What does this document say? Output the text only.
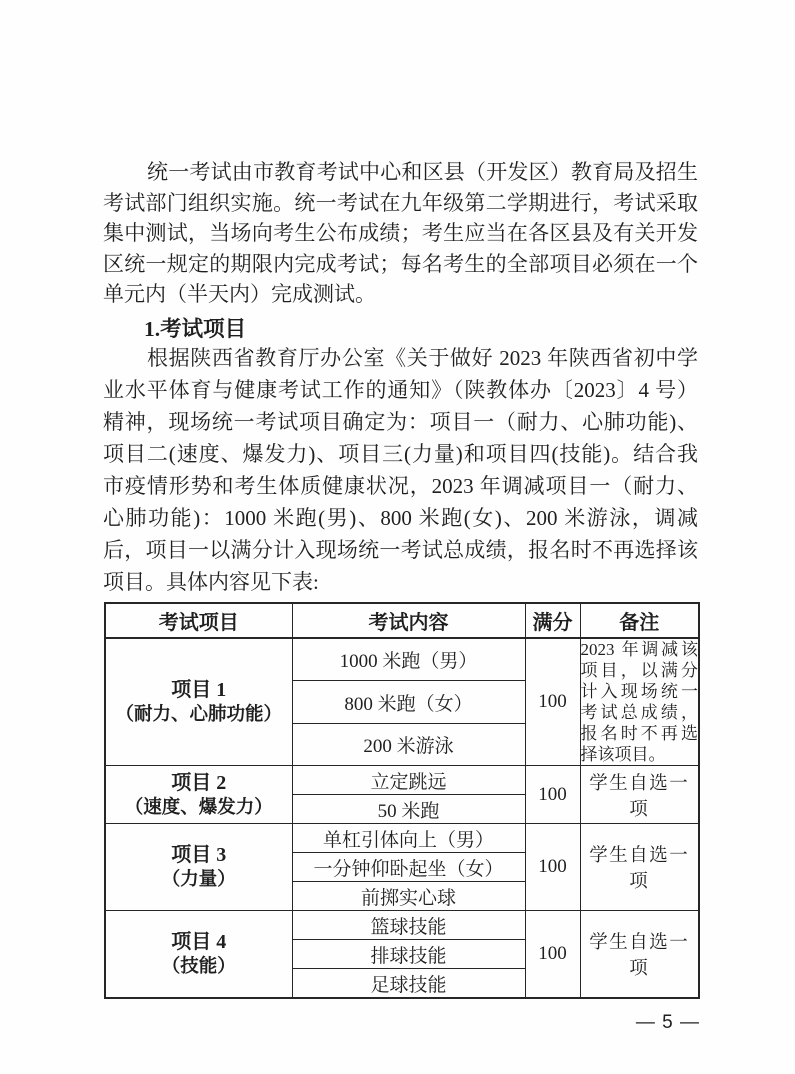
统一考试由市教育考试中心和区县（开发区）教育局及招生
考试部门组织实施。统一考试在九年级第二学期进行，考试采取
集中测试，当场向考生公布成绩；考生应当在各区县及有关开发
区统一规定的期限内完成考试；每名考生的全部项目必须在一个
单元内（半天内）完成测试。
1.考试项目
根据陕西省教育厅办公室《关于做好 2023 年陕西省初中学
业水平体育与健康考试工作的通知》（陕教体办〔2023〕4 号）
精神，现场统一考试项目确定为：项目一（耐力、心肺功能)、
项目二(速度、爆发力)、项目三(力量)和项目四(技能)。结合我
市疫情形势和考生体质健康状况，2023 年调减项目一（耐力、
心肺功能)：1000 米跑(男)、800 米跑(女)、200 米游泳，调减
后，项目一以满分计入现场统一考试总成绩，报名时不再选择该
项目。具体内容见下表:
考试项目	考试内容	满分	备注

项目 1
（耐力、心肺功能）	1000 米跑（男）	100	2023 年调减该项目，以满分计入现场统一考试总成绩，报名时不再选择该项目。
	800 米跑（女）		
	200 米游泳		

项目 2
（速度、爆发力）	立定跳远	100	学生自选一项
	50 米跑		

项目 3
（力量）	单杠引体向上（男）	100	学生自选一项
	一分钟仰卧起坐（女）		
	前掷实心球		

项目 4
（技能）	篮球技能	100	学生自选一项
	排球技能		
	足球技能		
— 5 —
